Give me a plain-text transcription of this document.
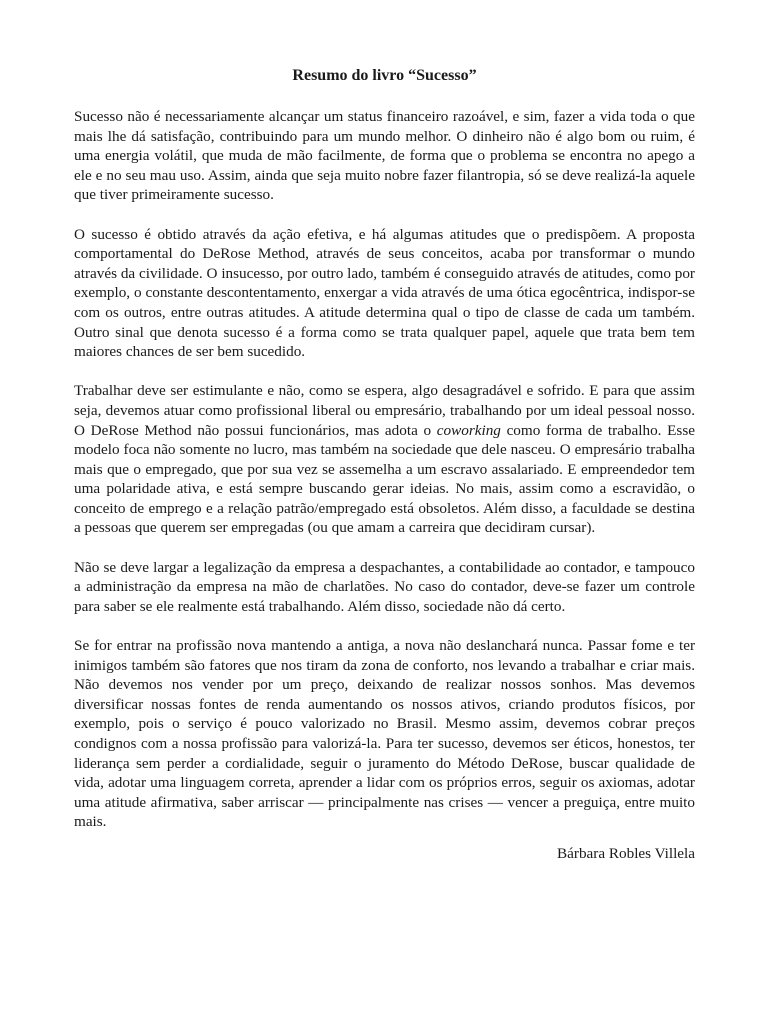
Resumo do livro “Sucesso”

Sucesso não é necessariamente alcançar um status financeiro razoável, e sim, fazer a vida toda o que mais lhe dá satisfação, contribuindo para um mundo melhor. O dinheiro não é algo bom ou ruim, é uma energia volátil, que muda de mão facilmente, de forma que o problema se encontra no apego a ele e no seu mau uso. Assim, ainda que seja muito nobre fazer filantropia, só se deve realizá-la aquele que tiver primeiramente sucesso.

O sucesso é obtido através da ação efetiva, e há algumas atitudes que o predispõem. A proposta comportamental do DeRose Method, através de seus conceitos, acaba por transformar o mundo através da civilidade. O insucesso, por outro lado, também é conseguido através de atitudes, como por exemplo, o constante descontentamento, enxergar a vida através de uma ótica egocêntrica, indispor-se com os outros, entre outras atitudes. A atitude determina qual o tipo de classe de cada um também. Outro sinal que denota sucesso é a forma como se trata qualquer papel, aquele que trata bem tem maiores chances de ser bem sucedido.

Trabalhar deve ser estimulante e não, como se espera, algo desagradável e sofrido. E para que assim seja, devemos atuar como profissional liberal ou empresário, trabalhando por um ideal pessoal nosso. O DeRose Method não possui funcionários, mas adota o coworking como forma de trabalho. Esse modelo foca não somente no lucro, mas também na sociedade que dele nasceu. O empresário trabalha mais que o empregado, que por sua vez se assemelha a um escravo assalariado. E empreendedor tem uma polaridade ativa, e está sempre buscando gerar ideias. No mais, assim como a escravidão, o conceito de emprego e a relação patrão/empregado está obsoletos. Além disso, a faculdade se destina a pessoas que querem ser empregadas (ou que amam a carreira que decidiram cursar).

Não se deve largar a legalização da empresa a despachantes, a contabilidade ao contador, e tampouco a administração da empresa na mão de charlatões. No caso do contador, deve-se fazer um controle para saber se ele realmente está trabalhando. Além disso, sociedade não dá certo.

Se for entrar na profissão nova mantendo a antiga, a nova não deslanchará nunca. Passar fome e ter inimigos também são fatores que nos tiram da zona de conforto, nos levando a trabalhar e criar mais. Não devemos nos vender por um preço, deixando de realizar nossos sonhos. Mas devemos diversificar nossas fontes de renda aumentando os nossos ativos, criando produtos físicos, por exemplo, pois o serviço é pouco valorizado no Brasil. Mesmo assim, devemos cobrar preços condignos com a nossa profissão para valorizá-la. Para ter sucesso, devemos ser éticos, honestos, ter liderança sem perder a cordialidade, seguir o juramento do Método DeRose, buscar qualidade de vida, adotar uma linguagem correta, aprender a lidar com os próprios erros, seguir os axiomas, adotar uma atitude afirmativa, saber arriscar — principalmente nas crises — vencer a preguiça, entre muito mais.

Bárbara Robles Villela
